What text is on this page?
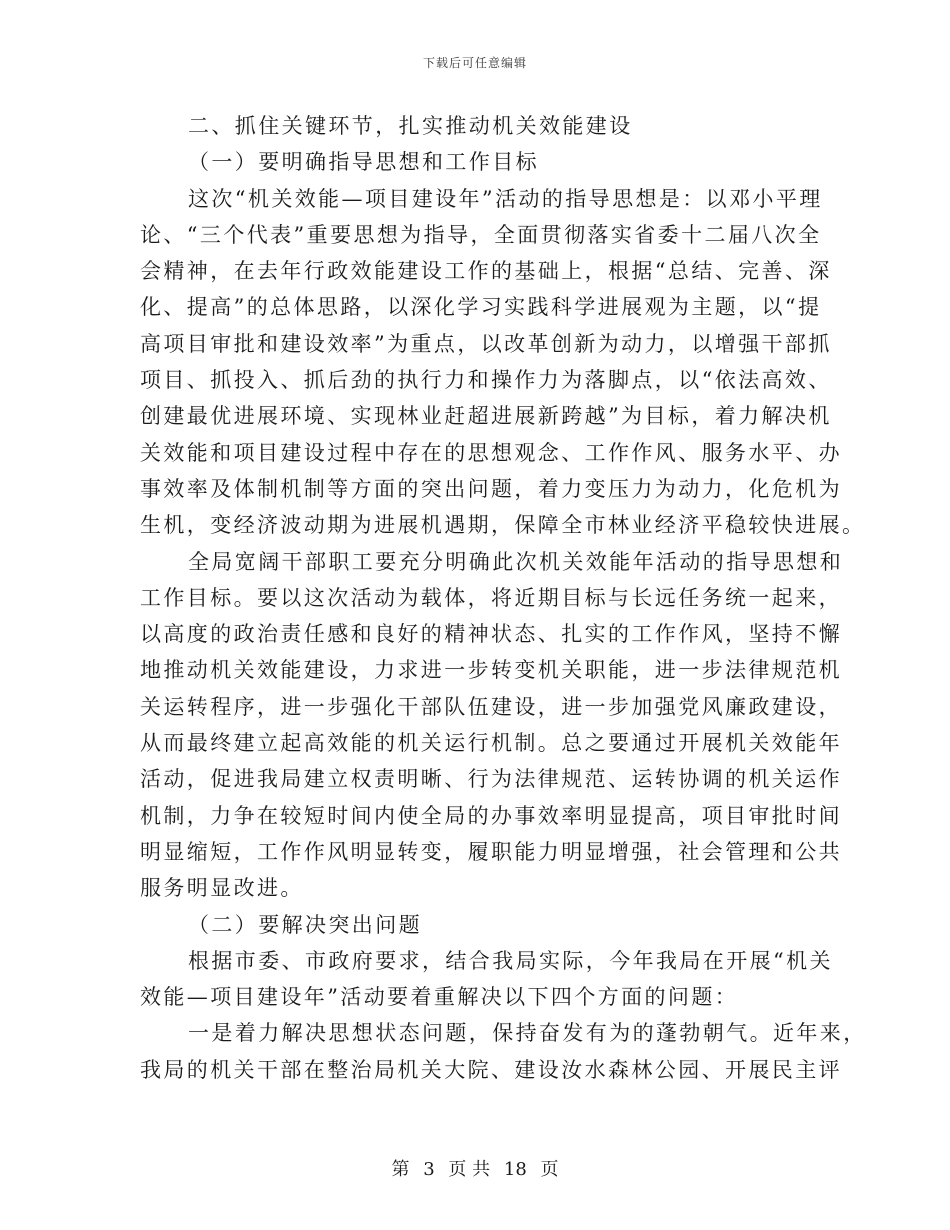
下载后可任意编辑
二、抓住关键环节，扎实推动机关效能建设
（一）要明确指导思想和工作目标
这次“机关效能—项目建设年”活动的指导思想是：以邓小平理
论、“三个代表”重要思想为指导，全面贯彻落实省委十二届八次全
会精神，在去年行政效能建设工作的基础上，根据“总结、完善、深
化、提高”的总体思路，以深化学习实践科学进展观为主题，以“提
高项目审批和建设效率”为重点，以改革创新为动力，以增强干部抓
项目、抓投入、抓后劲的执行力和操作力为落脚点，以“依法高效、
创建最优进展环境、实现林业赶超进展新跨越”为目标，着力解决机
关效能和项目建设过程中存在的思想观念、工作作风、服务水平、办
事效率及体制机制等方面的突出问题，着力变压力为动力，化危机为
生机，变经济波动期为进展机遇期，保障全市林业经济平稳较快进展。
全局宽阔干部职工要充分明确此次机关效能年活动的指导思想和
工作目标。要以这次活动为载体，将近期目标与长远任务统一起来，
以高度的政治责任感和良好的精神状态、扎实的工作作风，坚持不懈
地推动机关效能建设，力求进一步转变机关职能，进一步法律规范机
关运转程序，进一步强化干部队伍建设，进一步加强党风廉政建设，
从而最终建立起高效能的机关运行机制。总之要通过开展机关效能年
活动，促进我局建立权责明晰、行为法律规范、运转协调的机关运作
机制，力争在较短时间内使全局的办事效率明显提高，项目审批时间
明显缩短，工作作风明显转变，履职能力明显增强，社会管理和公共
服务明显改进。
（二）要解决突出问题
根据市委、市政府要求，结合我局实际，今年我局在开展“机关
效能—项目建设年”活动要着重解决以下四个方面的问题：
一是着力解决思想状态问题，保持奋发有为的蓬勃朝气。近年来，
我局的机关干部在整治局机关大院、建设汝水森林公园、开展民主评
第 3 页 共 18 页
